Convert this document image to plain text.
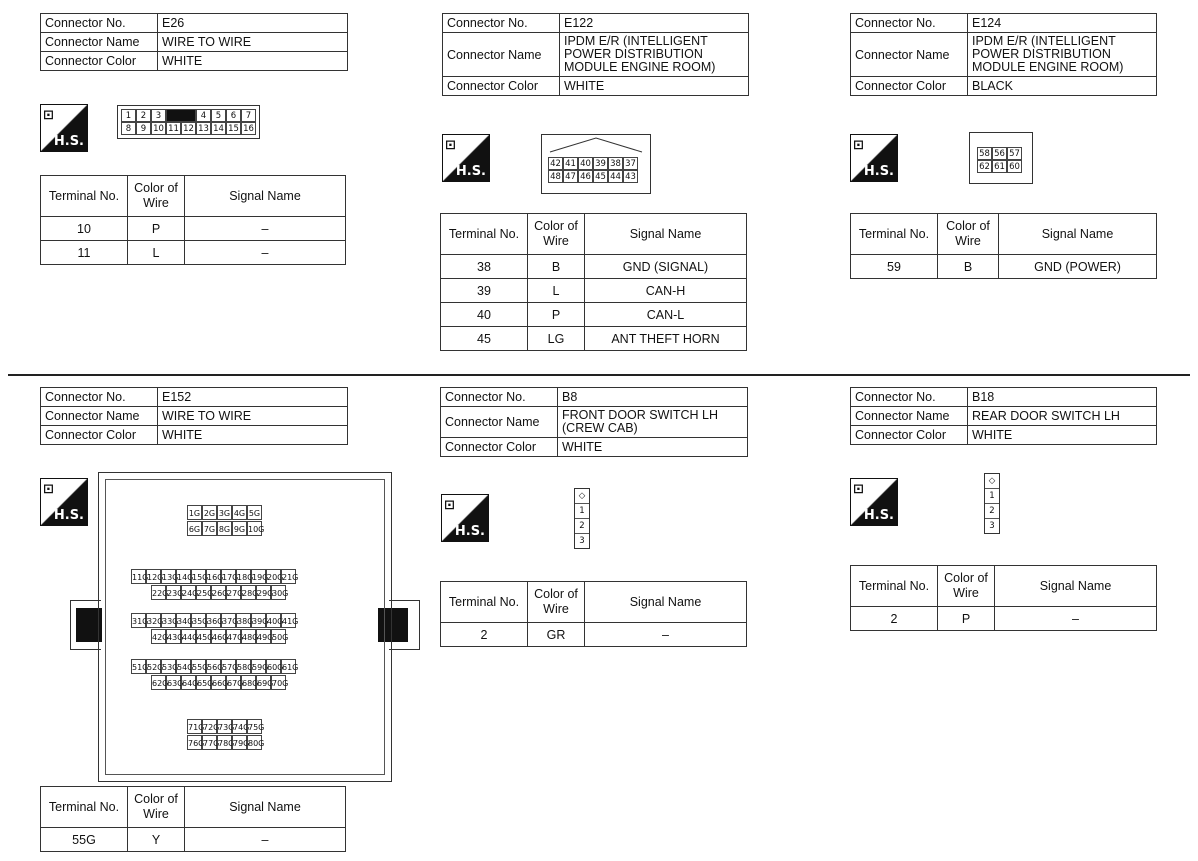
Connector No.	E26
Connector Name	WIRE TO WIRE
Connector Color	WHITE
⊡
H.S.
1	2	3	4	5	6	7
8	9 10 11 12 13 14 15 16
Terminal No.	Color of Wire	Signal Name
10	P	–
11	L	–
Connector No.	E122
Connector Name	IPDM E/R (INTELLIGENT POWER DISTRIBUTION MODULE ENGINE ROOM)
Connector Color	WHITE
⊡
H.S.	42 41 40 39 38 37
48 47 46 45 44 43
Terminal No.	Color of Wire	Signal Name
38	B	GND (SIGNAL)
39	L	CAN-H
40	P	CAN-L
45	LG	ANT THEFT HORN
Connector No.	E124
Connector Name	IPDM E/R (INTELLIGENT POWER DISTRIBUTION MODULE ENGINE ROOM)
Connector Color	BLACK
⊡
H.S.
58 56 57
62 61 60
Terminal No.	Color of Wire	Signal Name
59	B	GND (POWER)
Connector No.	E152
Connector Name	WIRE TO WIRE
Connector Color	WHITE
⊡
H.S.	1G 2G 3G 4G 5G
6G 7G 8G 9G 10G
11G
12G
13G
14G
15G
16G
17G
18G
19G
20G
21G
22G
23G
24G
25G
26G
27G
28G
29G
30G
31G
32G
33G
34G
35G
36G
37G
38G
39G
40G
41G
42G
43G
44G
45G
46G
47G
48G
49G
50G
51G
52G
53G
54G
55G
56G
57G
58G
59G
60G
61G
62G
63G
64G
65G
66G
67G
68G
69G
70G
71G
72G
73G
74G
75G
76G
77G
78G
79G
80G
Terminal No.	Color of Wire	Signal Name
55G	Y	–
Connector No.	B8
Connector Name	FRONT DOOR SWITCH LH (CREW CAB)
Connector Color	WHITE
⊡
H.S.
◇
1
2
3
Terminal No.	Color of Wire	Signal Name
2	GR	–
Connector No.	B18
Connector Name	REAR DOOR SWITCH LH
Connector Color	WHITE
⊡
H.S.
◇
1
2
3
Terminal No.	Color of Wire	Signal Name
2	P	–
